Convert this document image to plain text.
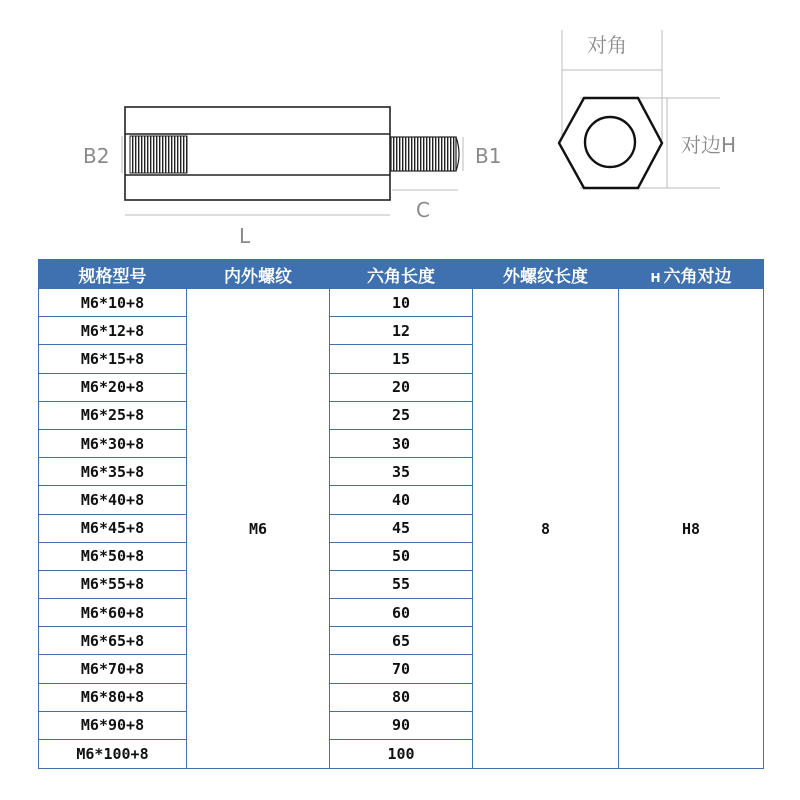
B2	B1
C
L
对角
对边H
规格型号	内外螺纹	六角长度	外螺纹长度	H 六角对边
M6*10+8	M6	10	8	H8
M6*12+8		12		
M6*15+8		15		
M6*20+8		20		
M6*25+8		25		
M6*30+8		30		
M6*35+8		35		
M6*40+8		40		
M6*45+8		45		
M6*50+8		50		
M6*55+8		55		
M6*60+8		60		
M6*65+8		65		
M6*70+8		70		
M6*80+8		80		
M6*90+8		90		
M6*100+8		100		
